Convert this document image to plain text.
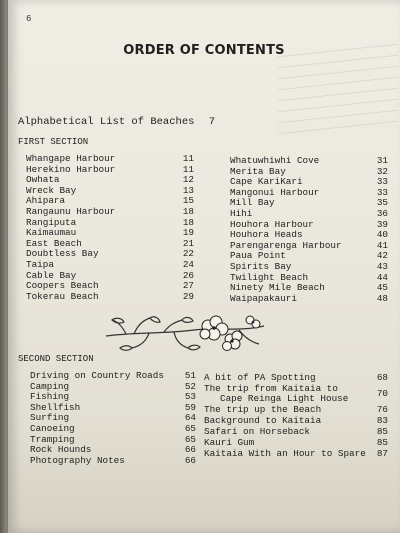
6
ORDER OF CONTENTS
Alphabetical List of Beaches 7
FIRST SECTION
Whangape Harbour	11
Herekino Harbour	11
Owhata	12
Wreck Bay	13
Ahipara	15
Rangaunu Harbour	18
Rangiputa	18
Kaimaumau	19
East Beach	21
Doubtless Bay	22
Taipa	24
Cable Bay	26
Coopers Beach	27
Tokerau Beach	29
Whatuwhiwhi Cove	31
Merita Bay	32
Cape KariKari	33
Mangonui Harbour	33
Mill Bay	35
Hihi	36
Houhora Harbour	39
Houhora Heads	40
Parengarenga Harbour	41
Paua Point	42
Spirits Bay	43
Twilight Beach	44
Ninety Mile Beach	45
Waipapakauri	48
SECOND SECTION
Driving on Country Roads	51
Camping	52
Fishing	53
Shellfish	59
Surfing	64
Canoeing	65
Tramping	65
Rock Hounds	66
Photography Notes	66
A bit of PA Spotting	68
The trip from Kaitaia to
Cape Reinga Light House	70
The trip up the Beach	76
Background to Kaitaia	83
Safari on Horseback	85
Kauri Gum	85
Kaitaia With an Hour to Spare	87
